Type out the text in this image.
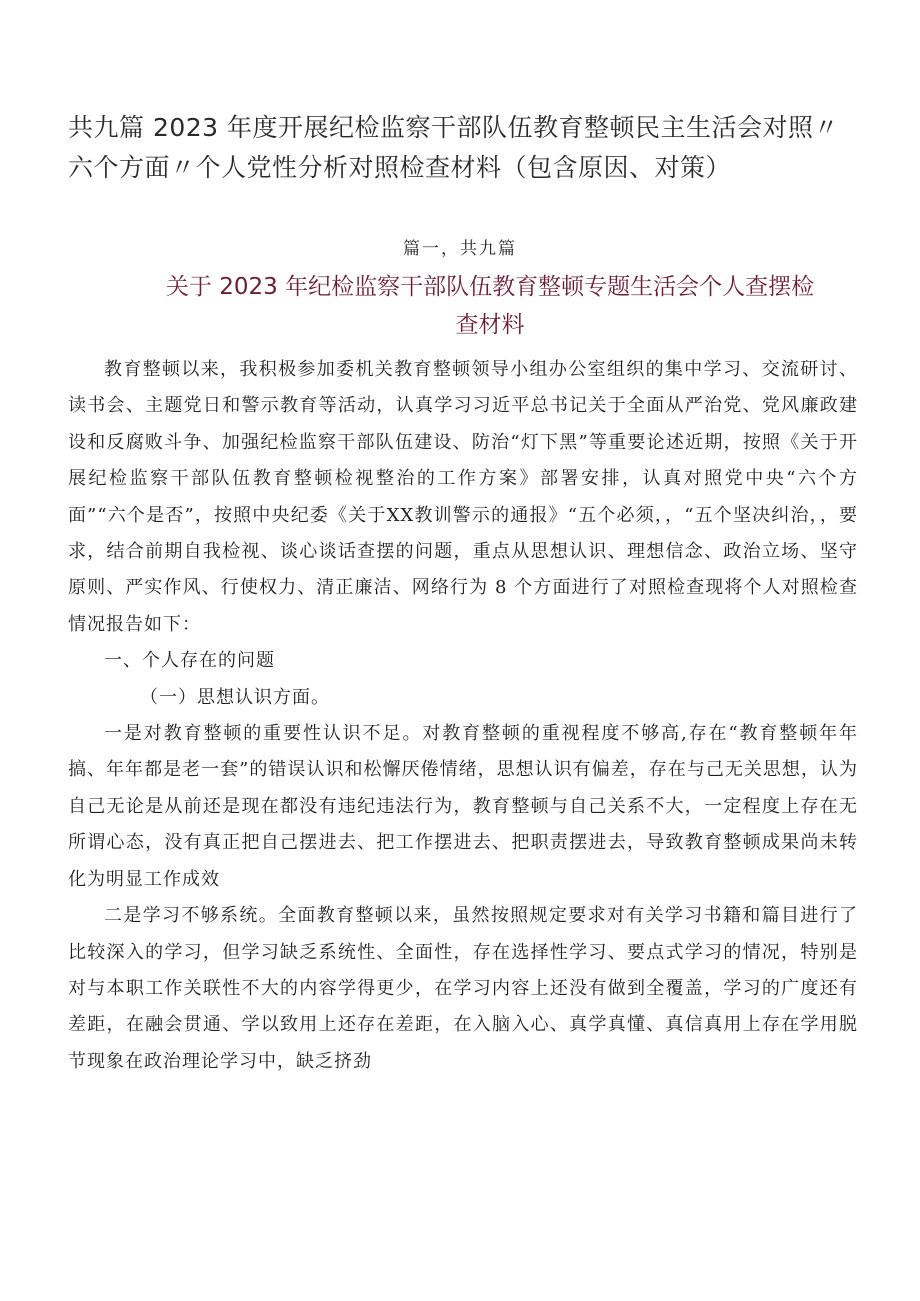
共九篇 2023 年度开展纪检监察干部队伍教育整顿民主生活会对照〃
六个方面〃个人党性分析对照检查材料（包含原因、对策）
篇一，共九篇
关于 2023 年纪检监察干部队伍教育整顿专题生活会个人查摆检
查材料

教育整顿以来，我积极参加委机关教育整顿领导小组办公室组织的集中学习、交流研讨、读书会、主题党日和警示教育等活动，认真学习习近平总书记关于全面从严治党、党风廉政建设和反腐败斗争、加强纪检监察干部队伍建设、防治“灯下黑”等重要论述近期，按照《关于开展纪检监察干部队伍教育整顿检视整治的工作方案》部署安排，认真对照党中央“六个方面”“六个是否”，按照中央纪委《关于XX教训警示的通报》“五个必须，，“五个坚决纠治，，要求，结合前期自我检视、谈心谈话查摆的问题，重点从思想认识、理想信念、政治立场、坚守原则、严实作风、行使权力、清正廉洁、网络行为 8 个方面进行了对照检查现将个人对照检查情况报告如下：

一、个人存在的问题

（一）思想认识方面。

一是对教育整顿的重要性认识不足。对教育整顿的重视程度不够高,存在“教育整顿年年搞、年年都是老一套”的错误认识和松懈厌倦情绪，思想认识有偏差，存在与己无关思想，认为自己无论是从前还是现在都没有违纪违法行为，教育整顿与自己关系不大，一定程度上存在无所谓心态，没有真正把自己摆进去、把工作摆进去、把职责摆进去，导致教育整顿成果尚未转化为明显工作成效

二是学习不够系统。全面教育整顿以来，虽然按照规定要求对有关学习书籍和篇目进行了比较深入的学习，但学习缺乏系统性、全面性，存在选择性学习、要点式学习的情况，特别是对与本职工作关联性不大的内容学得更少，在学习内容上还没有做到全覆盖，学习的广度还有差距，在融会贯通、学以致用上还存在差距，在入脑入心、真学真懂、真信真用上存在学用脱节现象在政治理论学习中，缺乏挤劲
